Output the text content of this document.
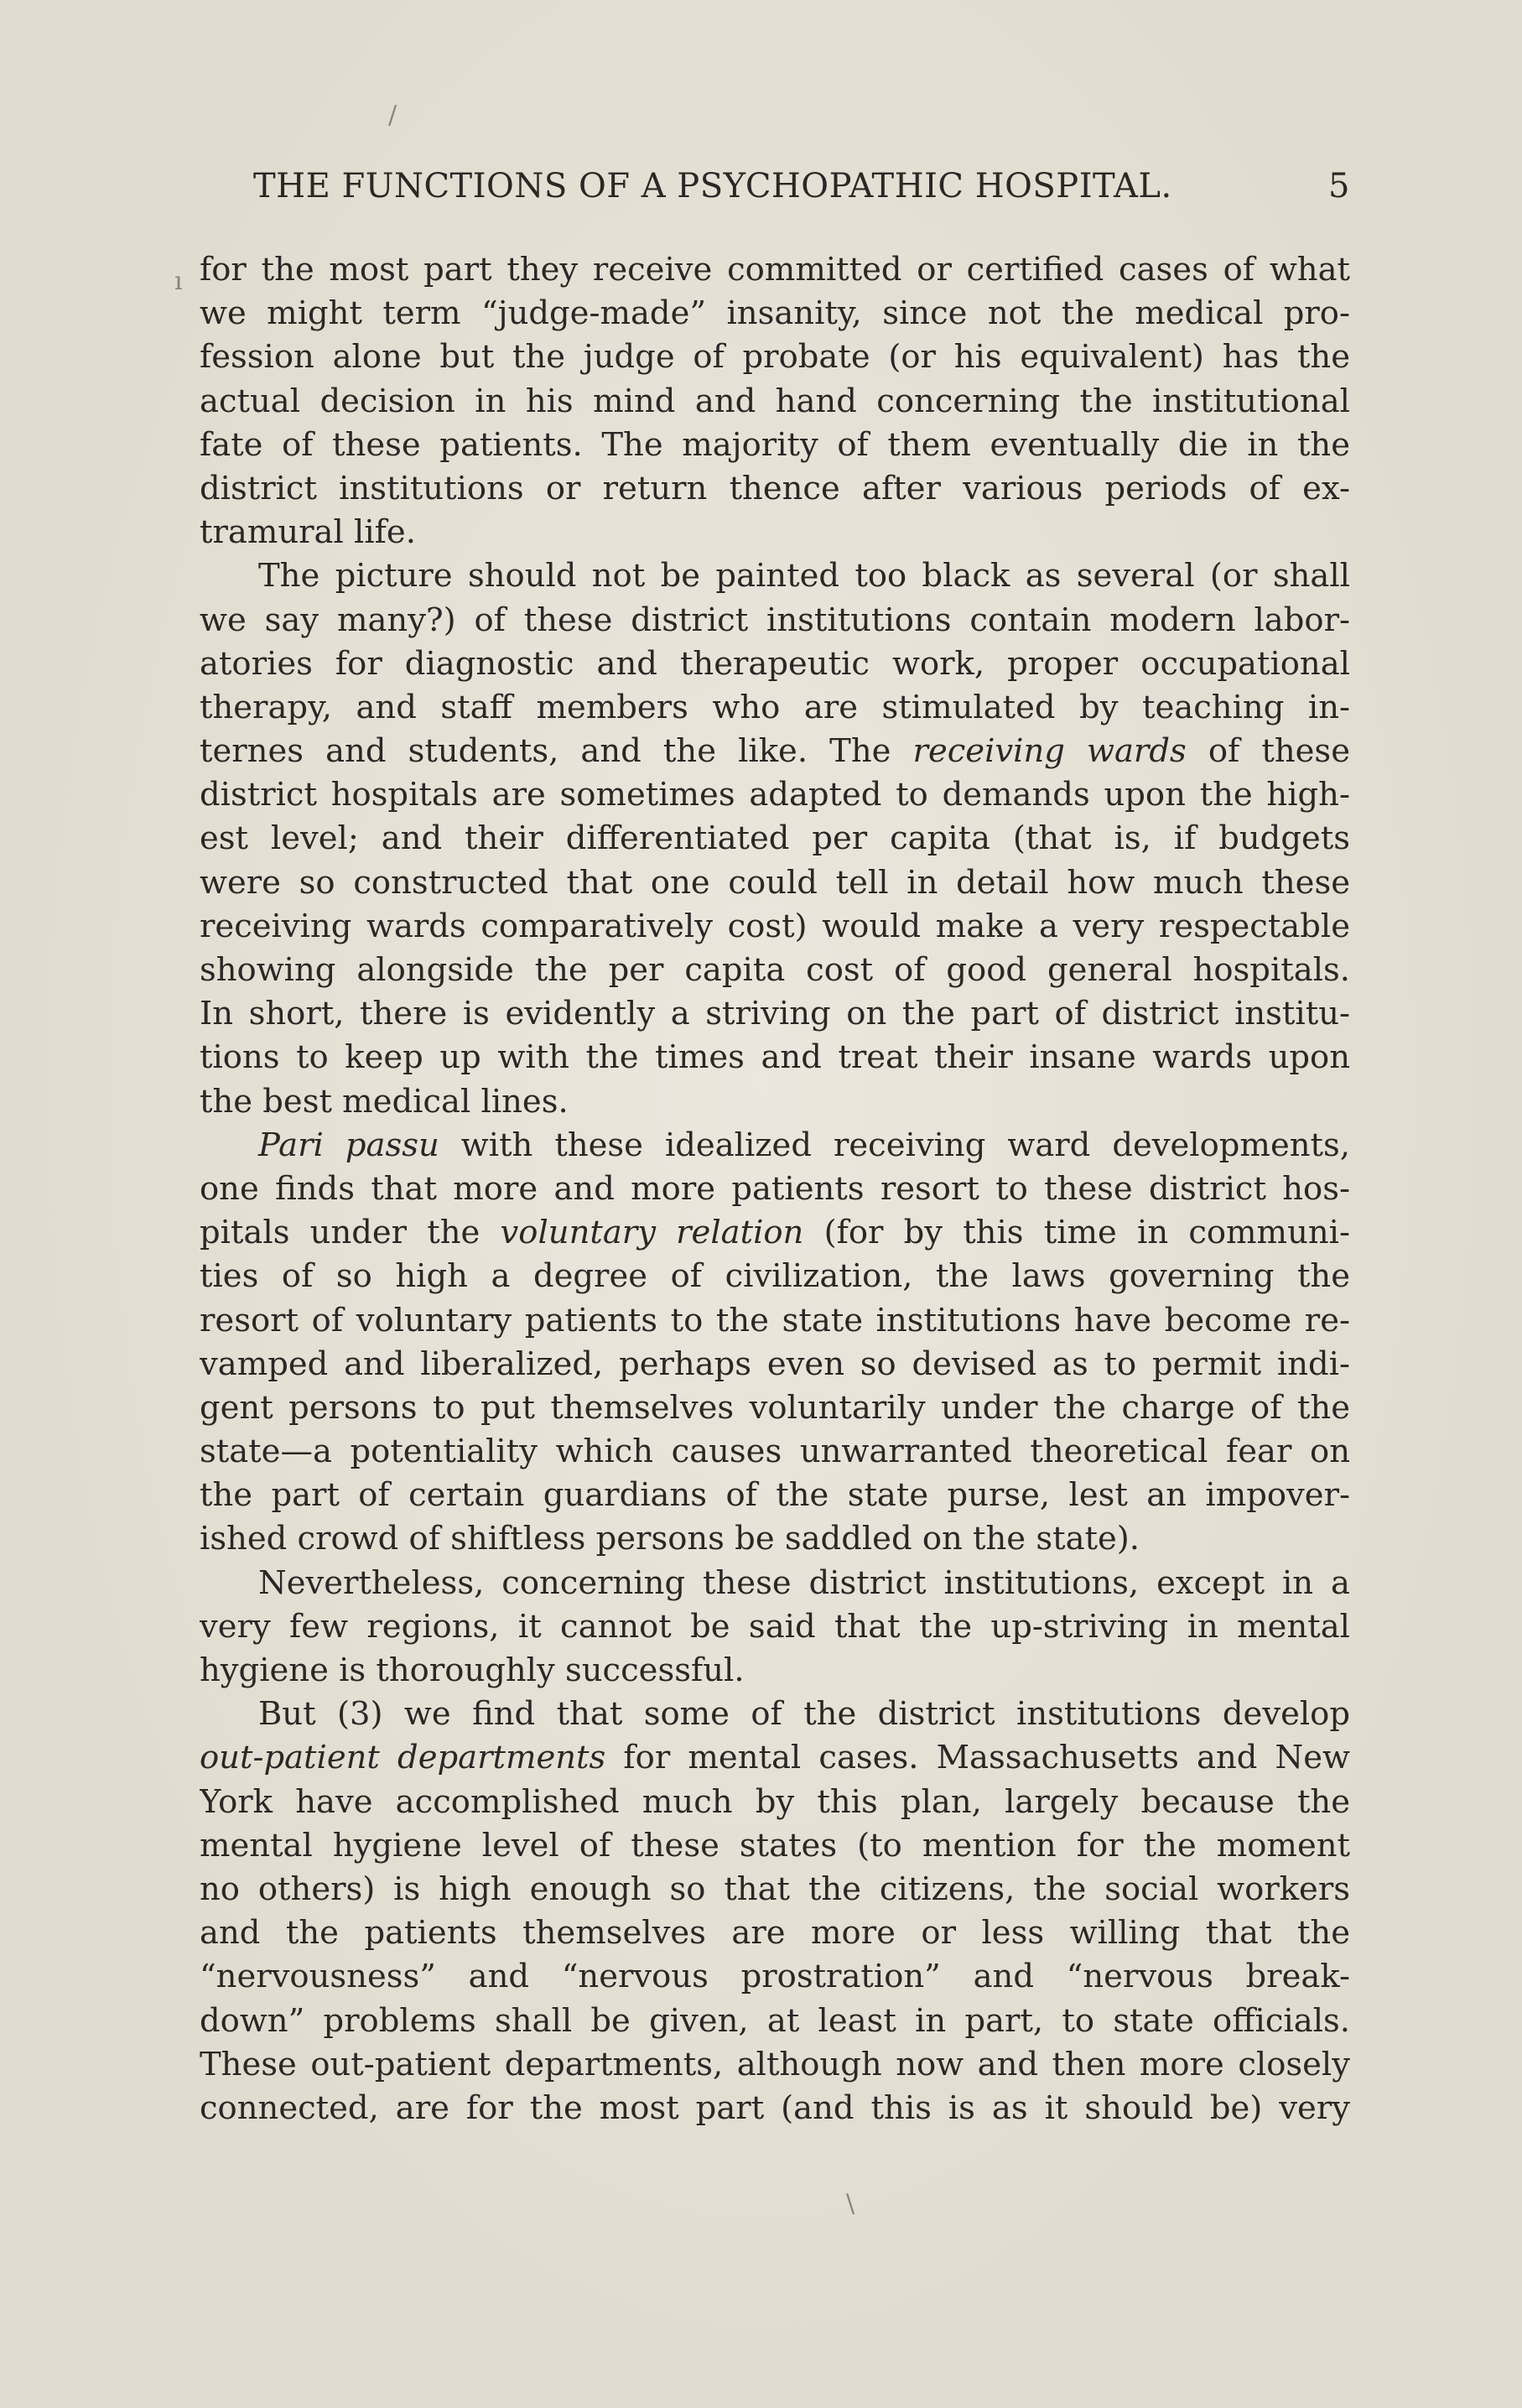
THE FUNCTIONS OF A PSYCHOPATHIC HOSPITAL.	5
for the most part they receive committed or certified cases of what
we might term “judge-made” insanity, since not the medical pro-
fession alone but the judge of probate (or his equivalent) has the
actual decision in his mind and hand concerning the institutional
fate of these patients. The majority of them eventually die in the
district institutions or return thence after various periods of ex-
tramural life.
The picture should not be painted too black as several (or shall
we say many?) of these district institutions contain modern labor-
atories for diagnostic and therapeutic work, proper occupational
therapy, and staff members who are stimulated by teaching in-
ternes and students, and the like. The receiving wards of these
district hospitals are sometimes adapted to demands upon the high-
est level; and their differentiated per capita (that is, if budgets
were so constructed that one could tell in detail how much these
receiving wards comparatively cost) would make a very respectable
showing alongside the per capita cost of good general hospitals.
In short, there is evidently a striving on the part of district institu-
tions to keep up with the times and treat their insane wards upon
the best medical lines.
Pari passu with these idealized receiving ward developments,
one finds that more and more patients resort to these district hos-
pitals under the voluntary relation (for by this time in communi-
ties of so high a degree of civilization, the laws governing the
resort of voluntary patients to the state institutions have become re-
vamped and liberalized, perhaps even so devised as to permit indi-
gent persons to put themselves voluntarily under the charge of the
state—a potentiality which causes unwarranted theoretical fear on
the part of certain guardians of the state purse, lest an impover-
ished crowd of shiftless persons be saddled on the state).
Nevertheless, concerning these district institutions, except in a
very few regions, it cannot be said that the up-striving in mental
hygiene is thoroughly successful.
But (3) we find that some of the district institutions develop
out-patient departments for mental cases. Massachusetts and New
York have accomplished much by this plan, largely because the
mental hygiene level of these states (to mention for the moment
no others) is high enough so that the citizens, the social workers
and the patients themselves are more or less willing that the
“nervousness” and “nervous prostration” and “nervous break-
down” problems shall be given, at least in part, to state officials.
These out-patient departments, although now and then more closely
connected, are for the most part (and this is as it should be) very
/
ı
\
